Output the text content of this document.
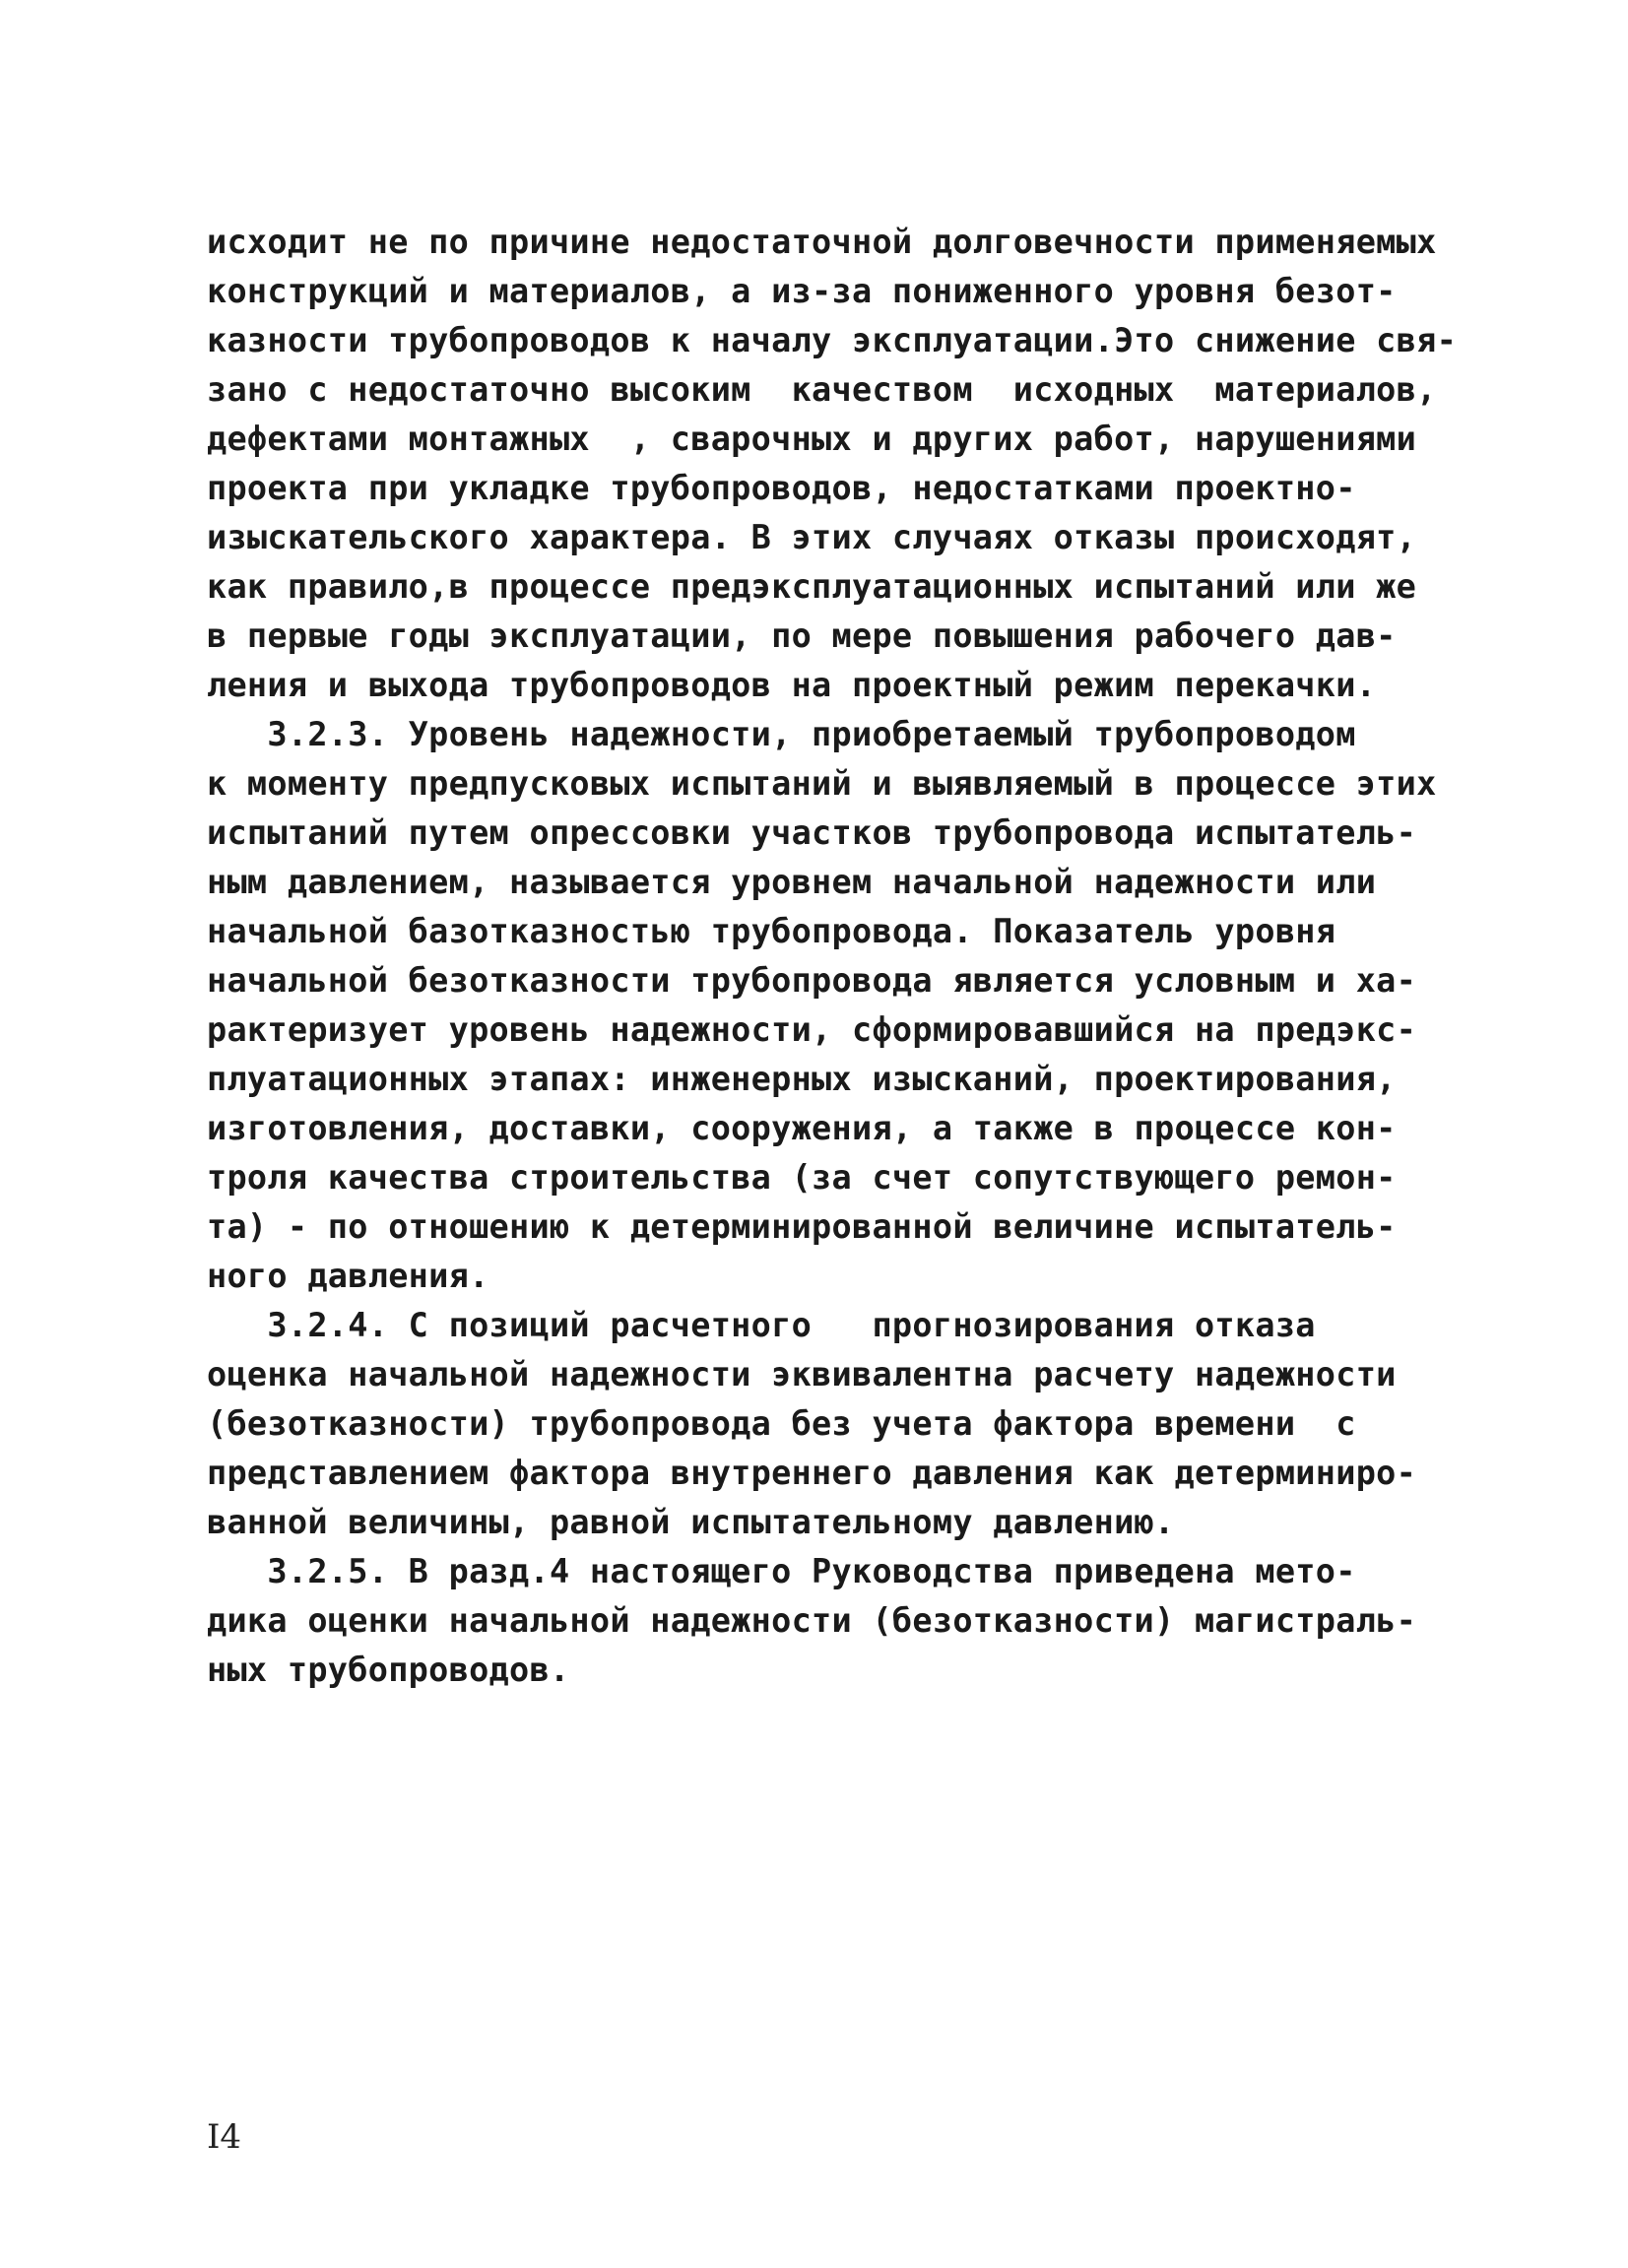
исходит не по причине недостаточной долговечности применяемых
конструкций и материалов, а из-за пониженного уровня безот-
казности трубопроводов к началу эксплуатации.Это снижение свя-
зано с недостаточно высоким  качеством  исходных  материалов,
дефектами монтажных  , сварочных и других работ, нарушениями
проекта при укладке трубопроводов, недостатками проектно-
изыскательского характера. В этих случаях отказы происходят,
как правило,в процессе предэксплуатационных испытаний или же
в первые годы эксплуатации, по мере повышения рабочего дав-
ления и выхода трубопроводов на проектный режим перекачки.
3.2.3. Уровень надежности, приобретаемый трубопроводом
к моменту предпусковых испытаний и выявляемый в процессе этих
испытаний путем опрессовки участков трубопровода испытатель-
ным давлением, называется уровнем начальной надежности или
начальной базотказностью трубопровода. Показатель уровня
начальной безотказности трубопровода является условным и ха-
рактеризует уровень надежности, сформировавшийся на предэкс-
плуатационных этапах: инженерных изысканий, проектирования,
изготовления, доставки, сооружения, а также в процессе кон-
троля качества строительства (за счет сопутствующего ремон-
та) - по отношению к детерминированной величине испытатель-
ного давления.
3.2.4. С позиций расчетного   прогнозирования отказа
оценка начальной надежности эквивалентна расчету надежности
(безотказности) трубопровода без учета фактора времени  с
представлением фактора внутреннего давления как детерминиро-
ванной величины, равной испытательному давлению.
3.2.5. В разд.4 настоящего Руководства приведена мето-
дика оценки начальной надежности (безотказности) магистраль-
ных трубопроводов.
I4
